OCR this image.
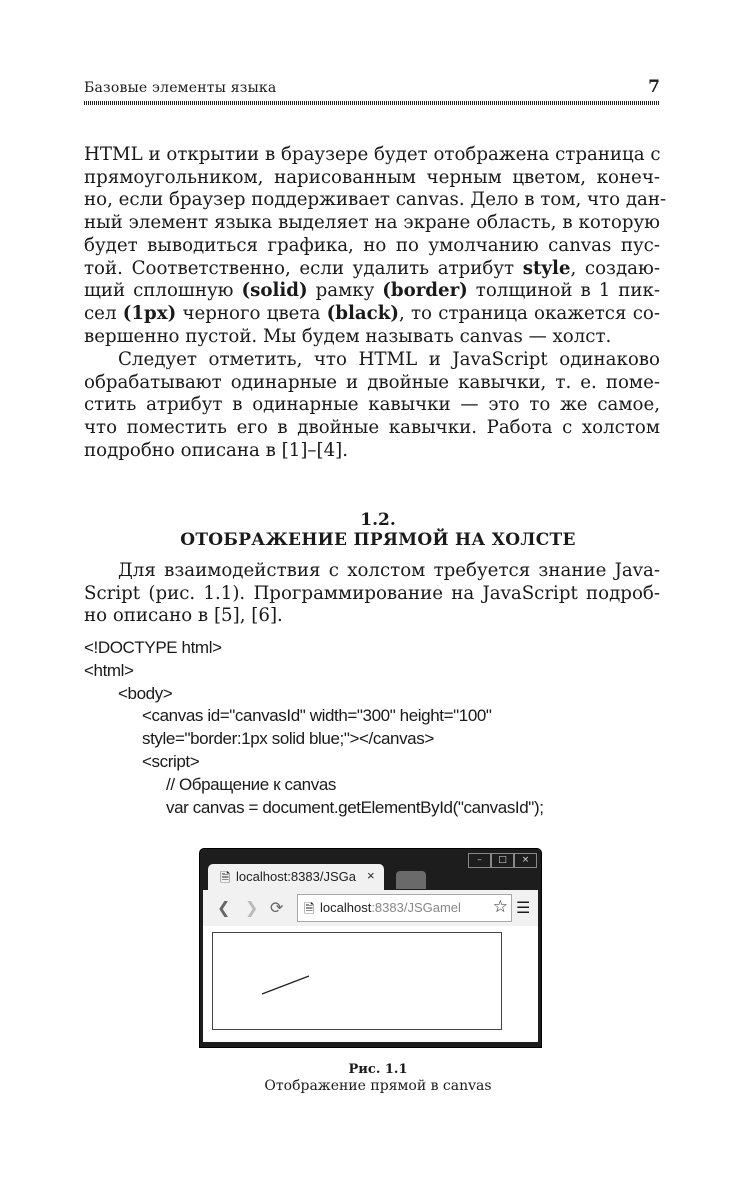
Базовые элементы языка	7
HTML и открытии в браузере будет отображена страница с
прямоугольником, нарисованным черным цветом, конеч-
но, если браузер поддерживает canvas. Дело в том, что дан-
ный элемент языка выделяет на экране область, в которую
будет выводиться графика, но по умолчанию canvas пус-
той. Соответственно, если удалить атрибут style, создаю-
щий сплошную (solid) рамку (border) толщиной в 1 пик-
сел (1px) черного цвета (black), то страница окажется со-
вершенно пустой. Мы будем называть canvas — холст.
Следует отметить, что HTML и JavaScript одинаково
обрабатывают одинарные и двойные кавычки, т. е. поме-
стить атрибут в одинарные кавычки — это то же самое,
что поместить его в двойные кавычки. Работа с холстом
подробно описана в [1]–[4].
1.2.
ОТОБРАЖЕНИЕ ПРЯМОЙ НА ХОЛСТЕ
Для взаимодействия с холстом требуется знание Java-
Script (рис. 1.1). Программирование на JavaScript подроб-
но описано в [5], [6].
<!DOCTYPE html>
<html>
<body>
<canvas id="canvasId" width="300" height="100"
style="border:1px solid blue;"></canvas>
<script>
// Обращение к canvas
var canvas = document.getElementById("canvasId");
🗎 localhost:8383/JSGa ×
–	□	×
❮ ❯ ⟳ 🗎 localhost:8383/JSGamel ☆ ☰
Рис. 1.1
Отображение прямой в canvas
